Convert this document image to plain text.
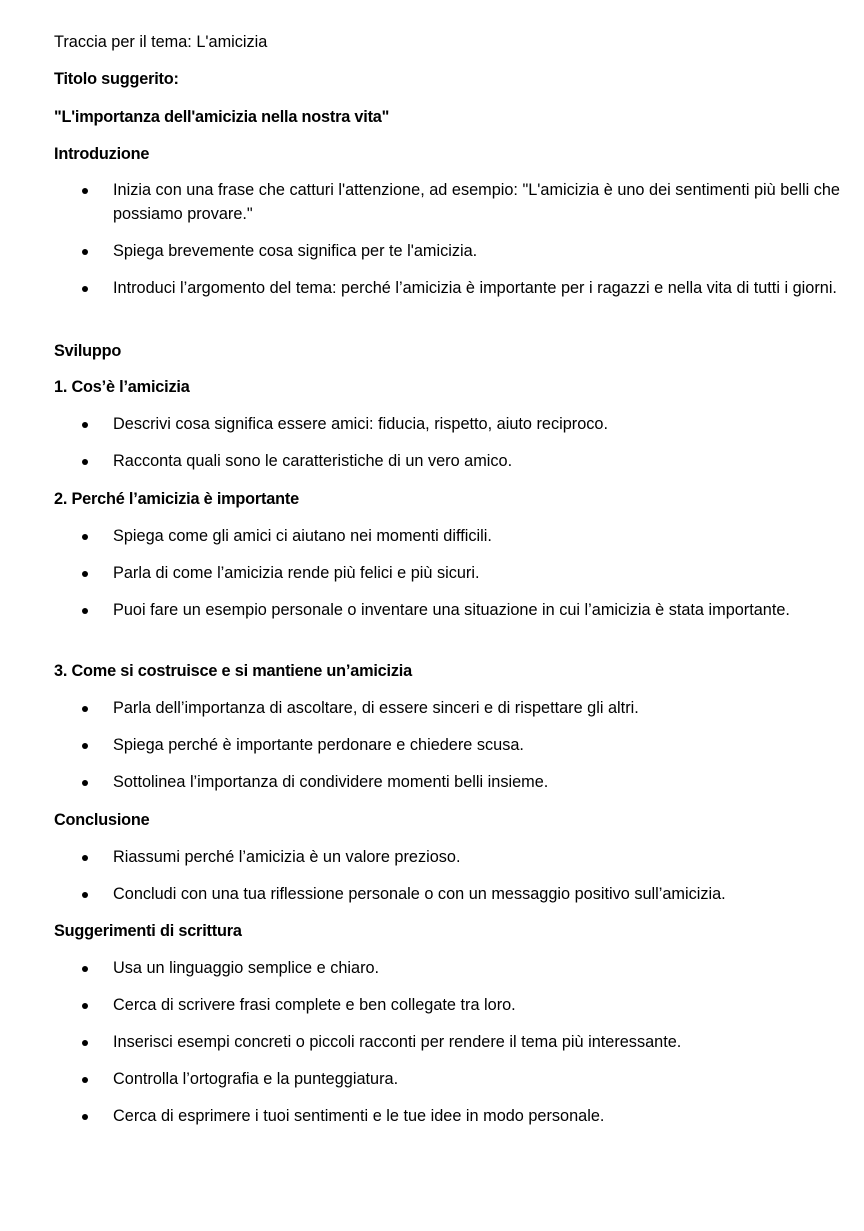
Traccia per il tema: L'amicizia
Titolo suggerito:
"L'importanza dell'amicizia nella nostra vita"
Introduzione
Inizia con una frase che catturi l'attenzione, ad esempio: "L'amicizia è uno dei sentimenti più belli che possiamo provare."
Spiega brevemente cosa significa per te l'amicizia.
Introduci l’argomento del tema: perché l’amicizia è importante per i ragazzi e nella vita di tutti i giorni.
Sviluppo
1. Cos’è l’amicizia
Descrivi cosa significa essere amici: fiducia, rispetto, aiuto reciproco.
Racconta quali sono le caratteristiche di un vero amico.
2. Perché l’amicizia è importante
Spiega come gli amici ci aiutano nei momenti difficili.
Parla di come l’amicizia rende più felici e più sicuri.
Puoi fare un esempio personale o inventare una situazione in cui l’amicizia è stata importante.
3. Come si costruisce e si mantiene un’amicizia
Parla dell’importanza di ascoltare, di essere sinceri e di rispettare gli altri.
Spiega perché è importante perdonare e chiedere scusa.
Sottolinea l’importanza di condividere momenti belli insieme.
Conclusione
Riassumi perché l’amicizia è un valore prezioso.
Concludi con una tua riflessione personale o con un messaggio positivo sull’amicizia.
Suggerimenti di scrittura
Usa un linguaggio semplice e chiaro.
Cerca di scrivere frasi complete e ben collegate tra loro.
Inserisci esempi concreti o piccoli racconti per rendere il tema più interessante.
Controlla l’ortografia e la punteggiatura.
Cerca di esprimere i tuoi sentimenti e le tue idee in modo personale.
